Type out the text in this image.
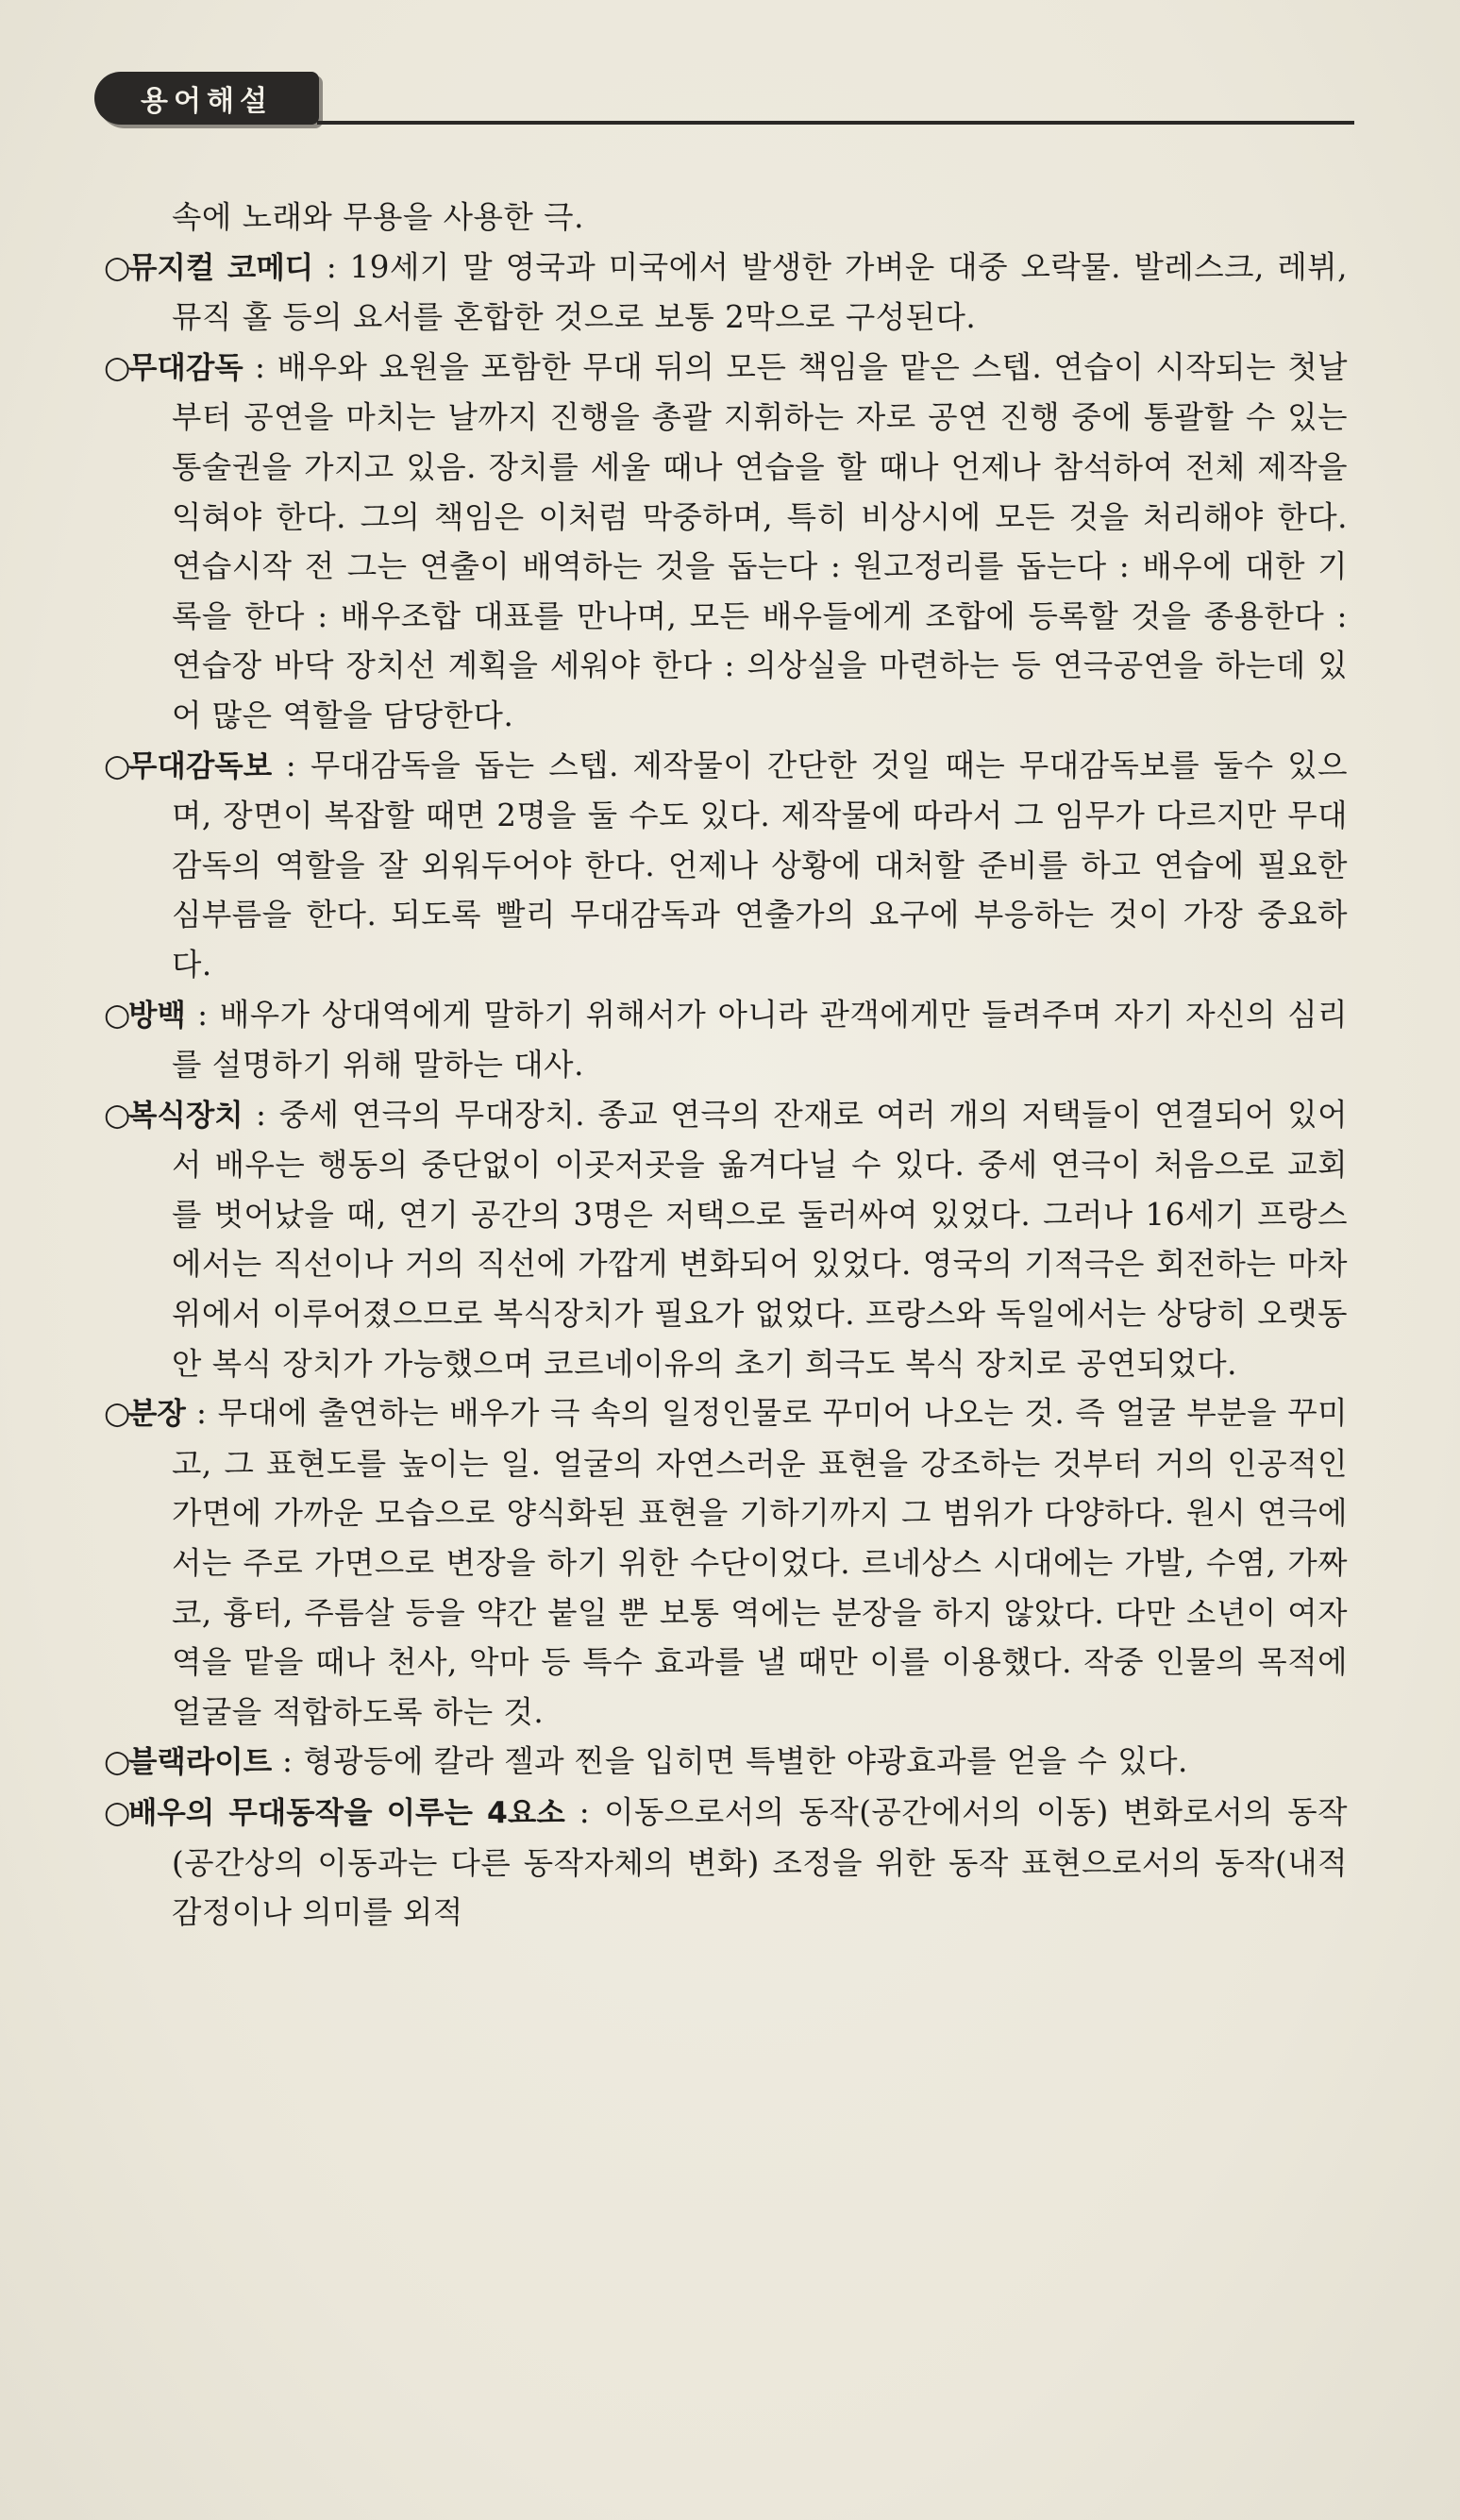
용어해설

속에 노래와 무용을 사용한 극.

○뮤지컬 코메디 : 19세기 말 영국과 미국에서 발생한 가벼운 대중 오락물. 발레스크, 레뷔, 뮤직 홀 등의 요서를 혼합한 것으로 보통 2막으로 구성된다.

○무대감독 : 배우와 요원을 포함한 무대 뒤의 모든 책임을 맡은 스텝. 연습이 시작되는 첫날부터 공연을 마치는 날까지 진행을 총괄 지휘하는 자로 공연 진행 중에 통괄할 수 있는 통술권을 가지고 있음. 장치를 세울 때나 연습을 할 때나 언제나 참석하여 전체 제작을 익혀야 한다. 그의 책임은 이처럼 막중하며, 특히 비상시에 모든 것을 처리해야 한다. 연습시작 전 그는 연출이 배역하는 것을 돕는다 : 원고정리를 돕는다 : 배우에 대한 기록을 한다 : 배우조합 대표를 만나며, 모든 배우들에게 조합에 등록할 것을 종용한다 : 연습장 바닥 장치선 계획을 세워야 한다 : 의상실을 마련하는 등 연극공연을 하는데 있어 많은 역할을 담당한다.

○무대감독보 : 무대감독을 돕는 스텝. 제작물이 간단한 것일 때는 무대감독보를 둘수 있으며, 장면이 복잡할 때면 2명을 둘 수도 있다. 제작물에 따라서 그 임무가 다르지만 무대감독의 역할을 잘 외워두어야 한다. 언제나 상황에 대처할 준비를 하고 연습에 필요한 심부름을 한다. 되도록 빨리 무대감독과 연출가의 요구에 부응하는 것이 가장 중요하다.

○방백 : 배우가 상대역에게 말하기 위해서가 아니라 관객에게만 들려주며 자기 자신의 심리를 설명하기 위해 말하는 대사.

○복식장치 : 중세 연극의 무대장치. 종교 연극의 잔재로 여러 개의 저택들이 연결되어 있어서 배우는 행동의 중단없이 이곳저곳을 옮겨다닐 수 있다. 중세 연극이 처음으로 교회를 벗어났을 때, 연기 공간의 3명은 저택으로 둘러싸여 있었다. 그러나 16세기 프랑스에서는 직선이나 거의 직선에 가깝게 변화되어 있었다. 영국의 기적극은 회전하는 마차 위에서 이루어졌으므로 복식장치가 필요가 없었다. 프랑스와 독일에서는 상당히 오랫동안 복식 장치가 가능했으며 코르네이유의 초기 희극도 복식 장치로 공연되었다.

○분장 : 무대에 출연하는 배우가 극 속의 일정인물로 꾸미어 나오는 것. 즉 얼굴 부분을 꾸미고, 그 표현도를 높이는 일. 얼굴의 자연스러운 표현을 강조하는 것부터 거의 인공적인 가면에 가까운 모습으로 양식화된 표현을 기하기까지 그 범위가 다양하다. 원시 연극에서는 주로 가면으로 변장을 하기 위한 수단이었다. 르네상스 시대에는 가발, 수염, 가짜코, 흉터, 주름살 등을 약간 붙일 뿐 보통 역에는 분장을 하지 않았다. 다만 소년이 여자역을 맡을 때나 천사, 악마 등 특수 효과를 낼 때만 이를 이용했다. 작중 인물의 목적에 얼굴을 적합하도록 하는 것.

○블랙라이트 : 형광등에 칼라 젤과 찐을 입히면 특별한 야광효과를 얻을 수 있다.

○배우의 무대동작을 이루는 4요소 : 이동으로서의 동작(공간에서의 이동) 변화로서의 동작(공간상의 이동과는 다른 동작자체의 변화) 조정을 위한 동작 표현으로서의 동작(내적 감정이나 의미를 외적
